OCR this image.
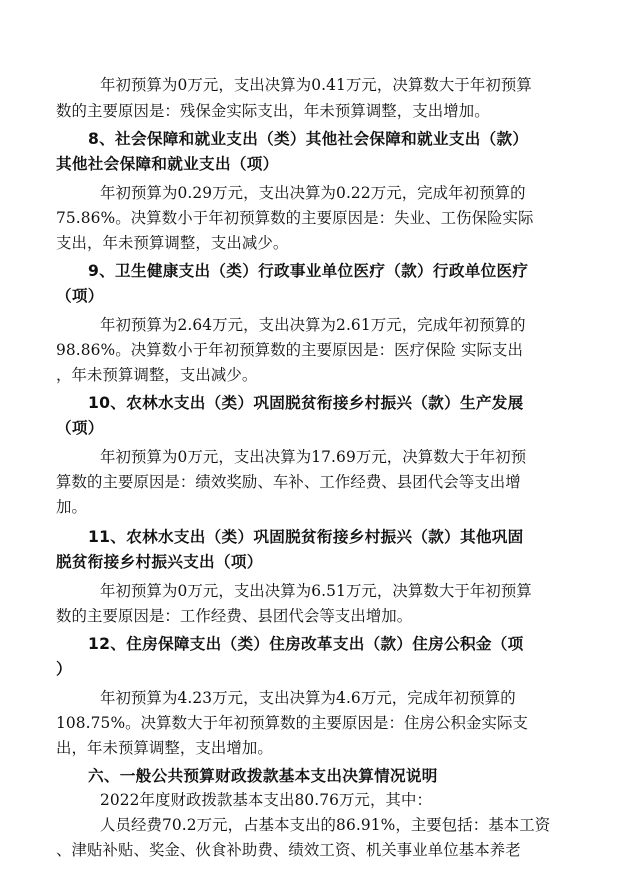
年初预算为0万元，支出决算为0.41万元，决算数大于年初预算
数的主要原因是：残保金实际支出，年未预算调整，支出增加。
8、社会保障和就业支出（类）其他社会保障和就业支出（款）
其他社会保障和就业支出（项）
年初预算为0.29万元，支出决算为0.22万元，完成年初预算的
75.86%。决算数小于年初预算数的主要原因是：失业、工伤保险实际
支出，年未预算调整，支出减少。
9、卫生健康支出（类）行政事业单位医疗（款）行政单位医疗
（项）
年初预算为2.64万元，支出决算为2.61万元，完成年初预算的
98.86%。决算数小于年初预算数的主要原因是：医疗保险 实际支出
，年未预算调整，支出减少。
10、农林水支出（类）巩固脱贫衔接乡村振兴（款）生产发展
（项）
年初预算为0万元，支出决算为17.69万元，决算数大于年初预
算数的主要原因是：绩效奖励、车补、工作经费、县团代会等支出增
加。
11、农林水支出（类）巩固脱贫衔接乡村振兴（款）其他巩固
脱贫衔接乡村振兴支出（项）
年初预算为0万元，支出决算为6.51万元，决算数大于年初预算
数的主要原因是：工作经费、县团代会等支出增加。
12、住房保障支出（类）住房改革支出（款）住房公积金（项
）
年初预算为4.23万元，支出决算为4.6万元，完成年初预算的
108.75%。决算数大于年初预算数的主要原因是：住房公积金实际支
出，年未预算调整，支出增加。
六、一般公共预算财政拨款基本支出决算情况说明
2022年度财政拨款基本支出80.76万元，其中：
人员经费70.2万元，占基本支出的86.91%，主要包括：基本工资
、津贴补贴、奖金、伙食补助费、绩效工资、机关事业单位基本养老
